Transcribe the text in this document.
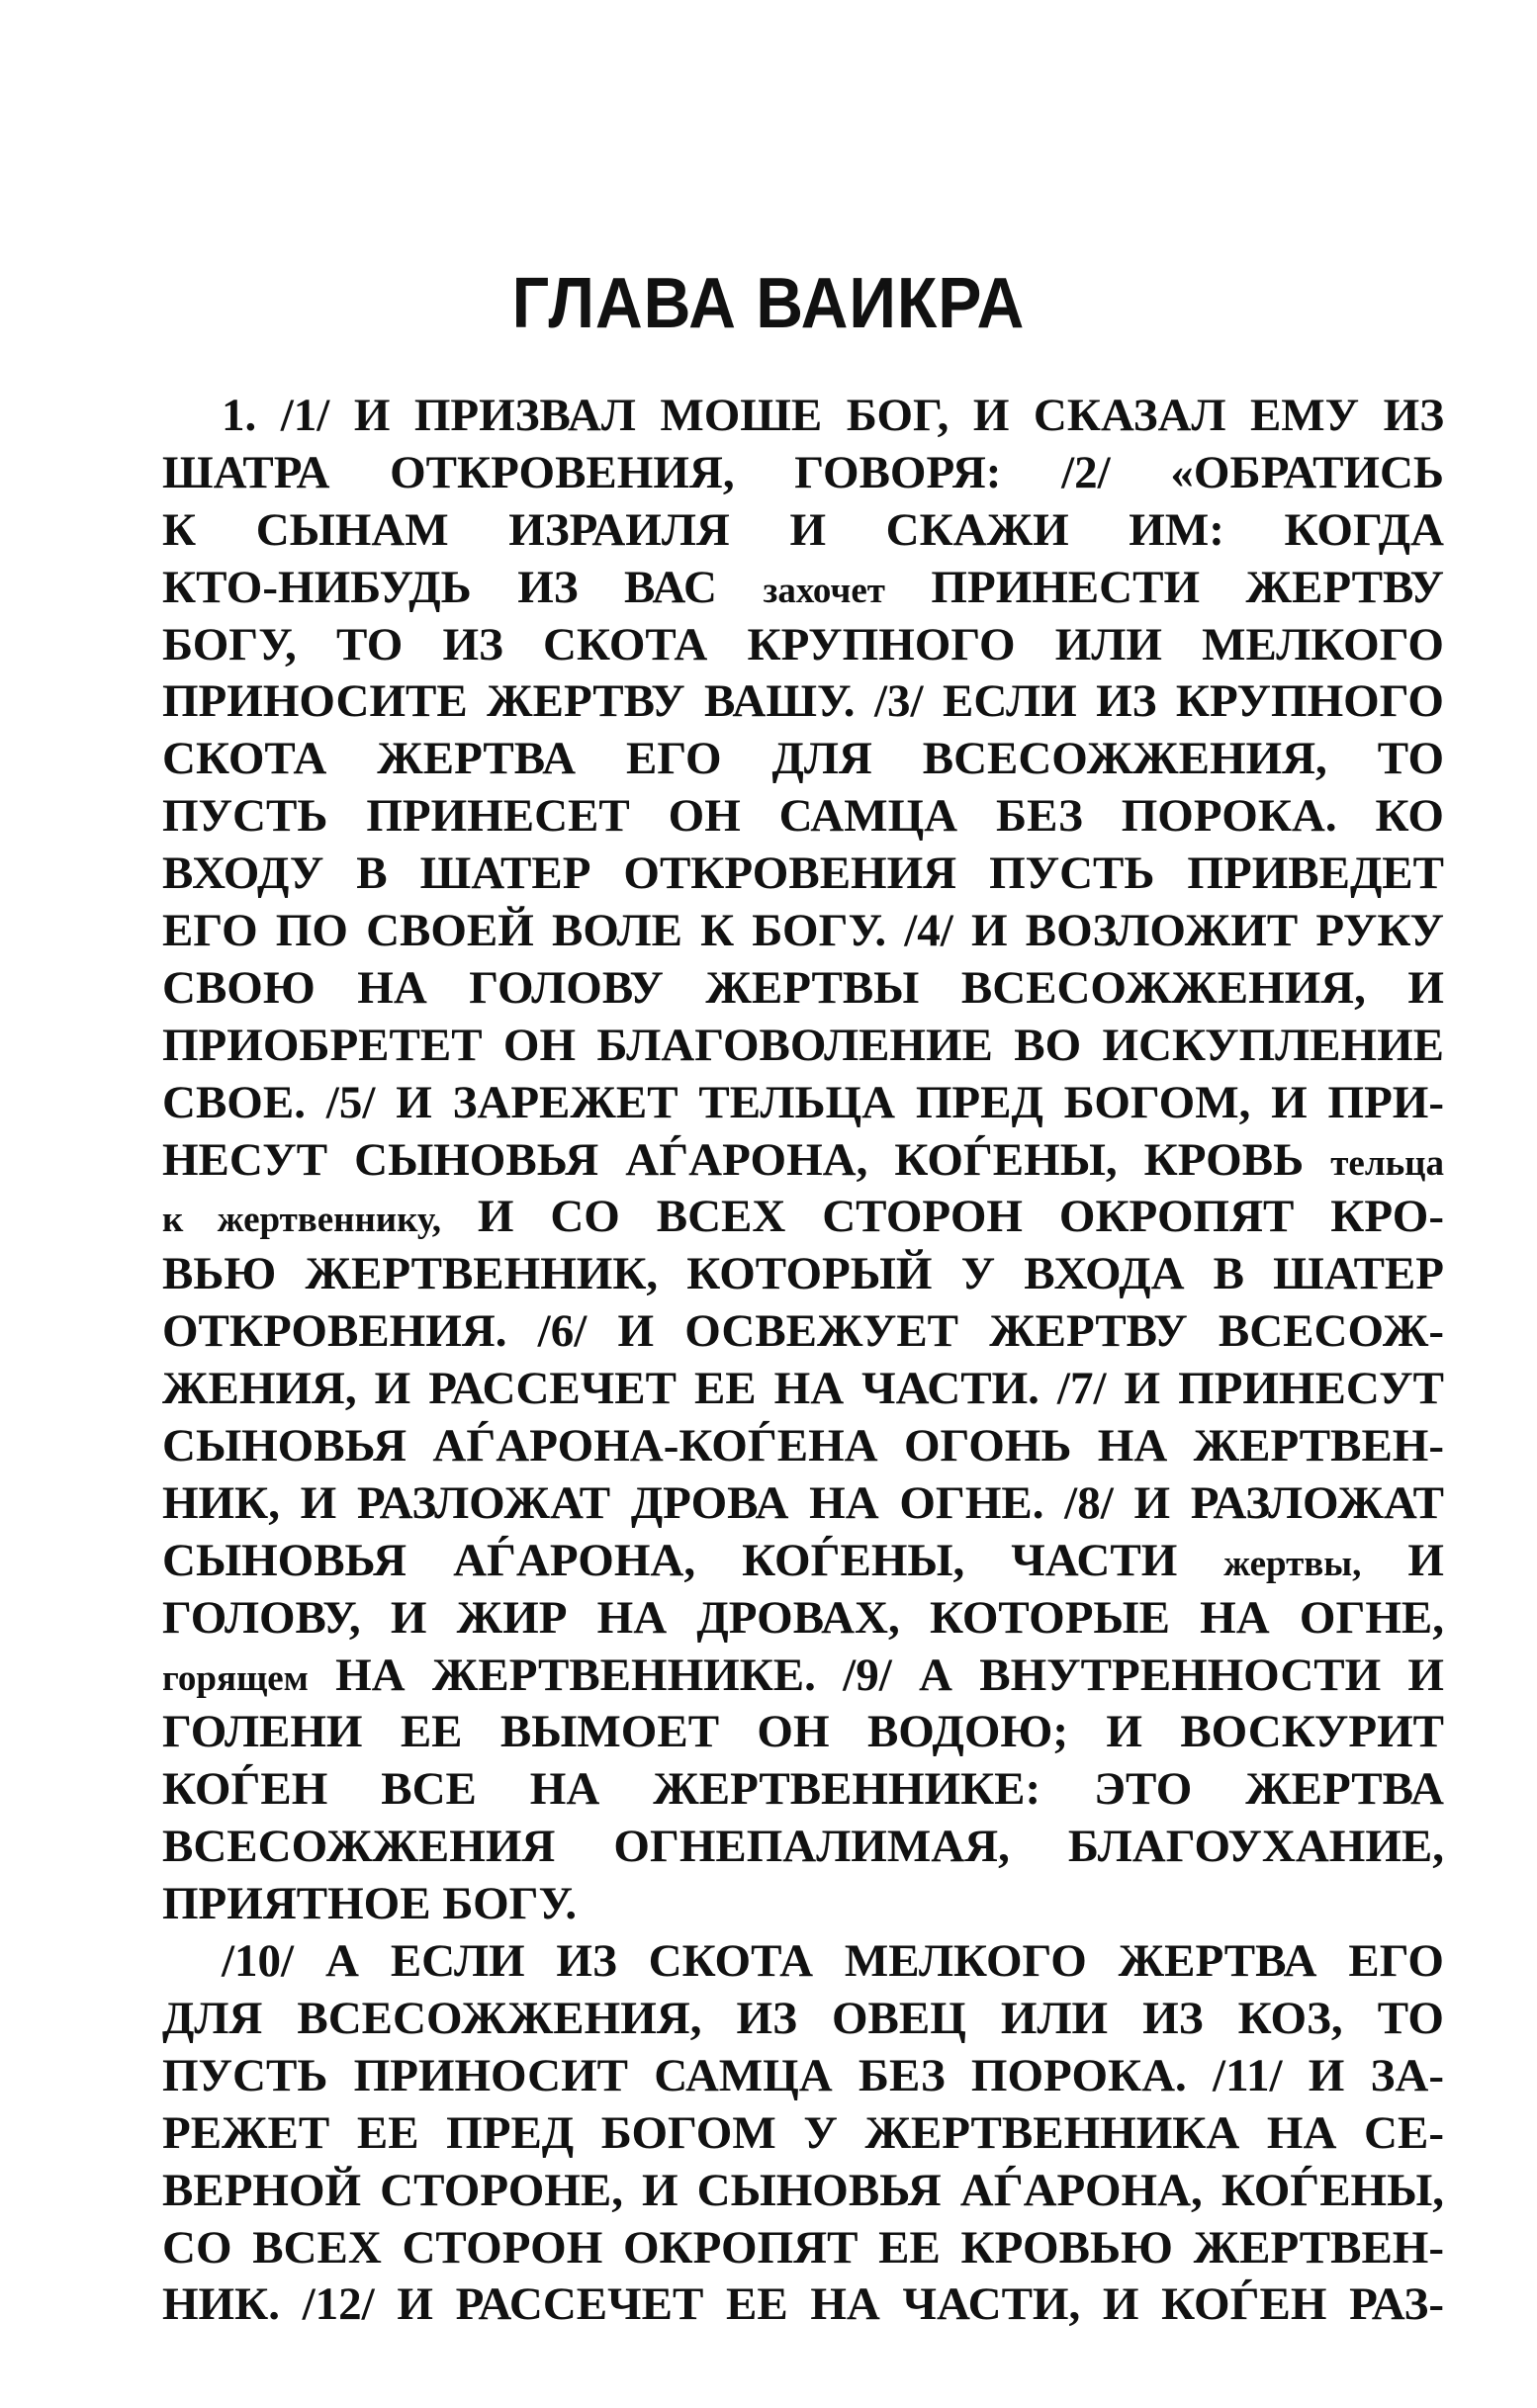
ГЛАВА ВАИКРА
1. /1/ И ПРИЗВАЛ МОШЕ БОГ, И СКАЗАЛ ЕМУ ИЗ
ШАТРА ОТКРОВЕНИЯ, ГОВОРЯ: /2/ «ОБРАТИСЬ
К СЫНАМ ИЗРАИЛЯ И СКАЖИ ИМ: КОГДА
КТО-НИБУДЬ ИЗ ВАС захочет ПРИНЕСТИ ЖЕРТВУ
БОГУ, ТО ИЗ СКОТА КРУПНОГО ИЛИ МЕЛКОГО
ПРИНОСИТЕ ЖЕРТВУ ВАШУ. /3/ ЕСЛИ ИЗ КРУПНОГО
СКОТА ЖЕРТВА ЕГО ДЛЯ ВСЕСОЖЖЕНИЯ, ТО
ПУСТЬ ПРИНЕСЕТ ОН САМЦА БЕЗ ПОРОКА. КО
ВХОДУ В ШАТЕР ОТКРОВЕНИЯ ПУСТЬ ПРИВЕДЕТ
ЕГО ПО СВОЕЙ ВОЛЕ К БОГУ. /4/ И ВОЗЛОЖИТ РУКУ
СВОЮ НА ГОЛОВУ ЖЕРТВЫ ВСЕСОЖЖЕНИЯ, И
ПРИОБРЕТЕТ ОН БЛАГОВОЛЕНИЕ ВО ИСКУПЛЕНИЕ
СВОЕ. /5/ И ЗАРЕЖЕТ ТЕЛЬЦА ПРЕД БОГОМ, И ПРИ-
НЕСУТ СЫНОВЬЯ АЃАРОНА, КОЃЕНЫ, КРОВЬ тельца
к жертвеннику, И СО ВСЕХ СТОРОН ОКРОПЯТ КРО-
ВЬЮ ЖЕРТВЕННИК, КОТОРЫЙ У ВХОДА В ШАТЕР
ОТКРОВЕНИЯ. /6/ И ОСВЕЖУЕТ ЖЕРТВУ ВСЕСОЖ-
ЖЕНИЯ, И РАССЕЧЕТ ЕЕ НА ЧАСТИ. /7/ И ПРИНЕСУТ
СЫНОВЬЯ АЃАРОНА-КОЃЕНА ОГОНЬ НА ЖЕРТВЕН-
НИК, И РАЗЛОЖАТ ДРОВА НА ОГНЕ. /8/ И РАЗЛОЖАТ
СЫНОВЬЯ АЃАРОНА, КОЃЕНЫ, ЧАСТИ жертвы, И
ГОЛОВУ, И ЖИР НА ДРОВАХ, КОТОРЫЕ НА ОГНЕ,
горящем НА ЖЕРТВЕННИКЕ. /9/ А ВНУТРЕННОСТИ И
ГОЛЕНИ ЕЕ ВЫМОЕТ ОН ВОДОЮ; И ВОСКУРИТ
КОЃЕН ВСЕ НА ЖЕРТВЕННИКЕ: ЭТО ЖЕРТВА
ВСЕСОЖЖЕНИЯ ОГНЕПАЛИМАЯ, БЛАГОУХАНИЕ,
ПРИЯТНОЕ БОГУ.
/10/ А ЕСЛИ ИЗ СКОТА МЕЛКОГО ЖЕРТВА ЕГО
ДЛЯ ВСЕСОЖЖЕНИЯ, ИЗ ОВЕЦ ИЛИ ИЗ КОЗ, ТО
ПУСТЬ ПРИНОСИТ САМЦА БЕЗ ПОРОКА. /11/ И ЗА-
РЕЖЕТ ЕЕ ПРЕД БОГОМ У ЖЕРТВЕННИКА НА СЕ-
ВЕРНОЙ СТОРОНЕ, И СЫНОВЬЯ АЃАРОНА, КОЃЕНЫ,
СО ВСЕХ СТОРОН ОКРОПЯТ ЕЕ КРОВЬЮ ЖЕРТВЕН-
НИК. /12/ И РАССЕЧЕТ ЕЕ НА ЧАСТИ, И КОЃЕН РАЗ-
